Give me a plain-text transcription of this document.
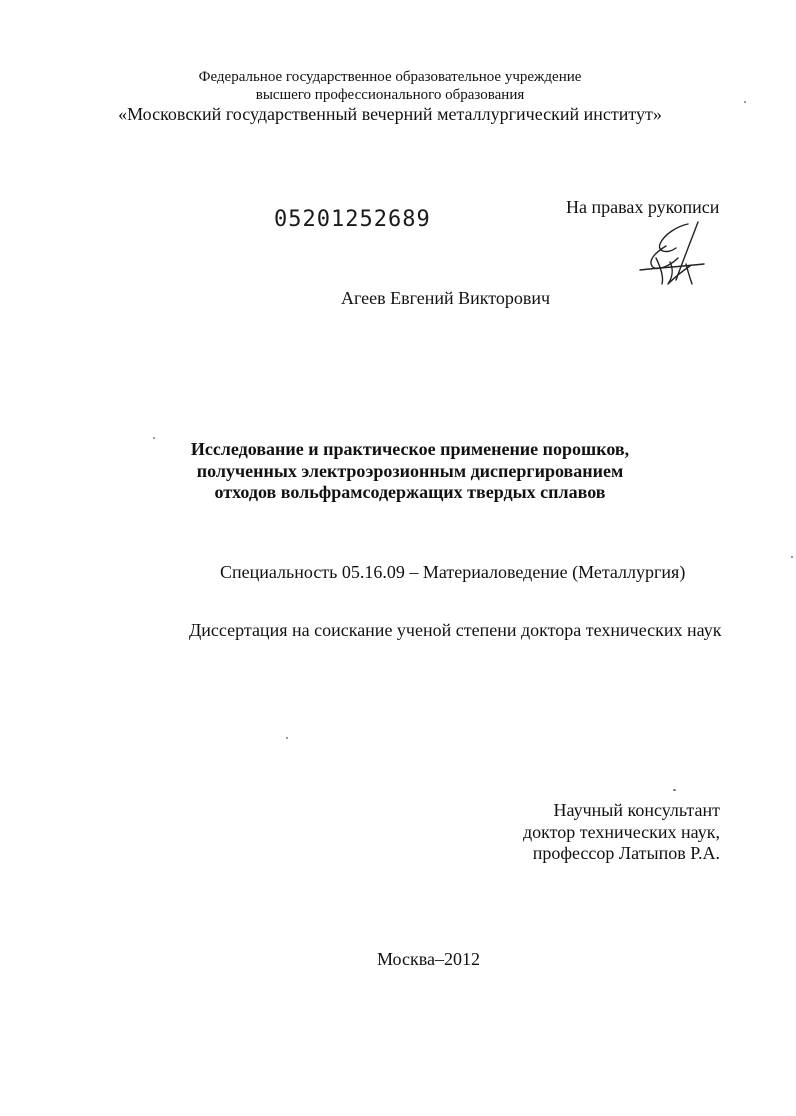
Федеральное государственное образовательное учреждение
высшего профессионального образования
«Московский государственный вечерний металлургический институт»
05201252689	На правах рукописи
Агеев Евгений Викторович
Исследование и практическое применение порошков,
полученных электроэрозионным диспергированием
отходов вольфрамсодержащих твердых сплавов
Специальность 05.16.09 – Материаловедение (Металлургия)
Диссертация на соискание ученой степени доктора технических наук
Научный консультант
доктор технических наук,
профессор Латыпов Р.А.
Москва–2012
